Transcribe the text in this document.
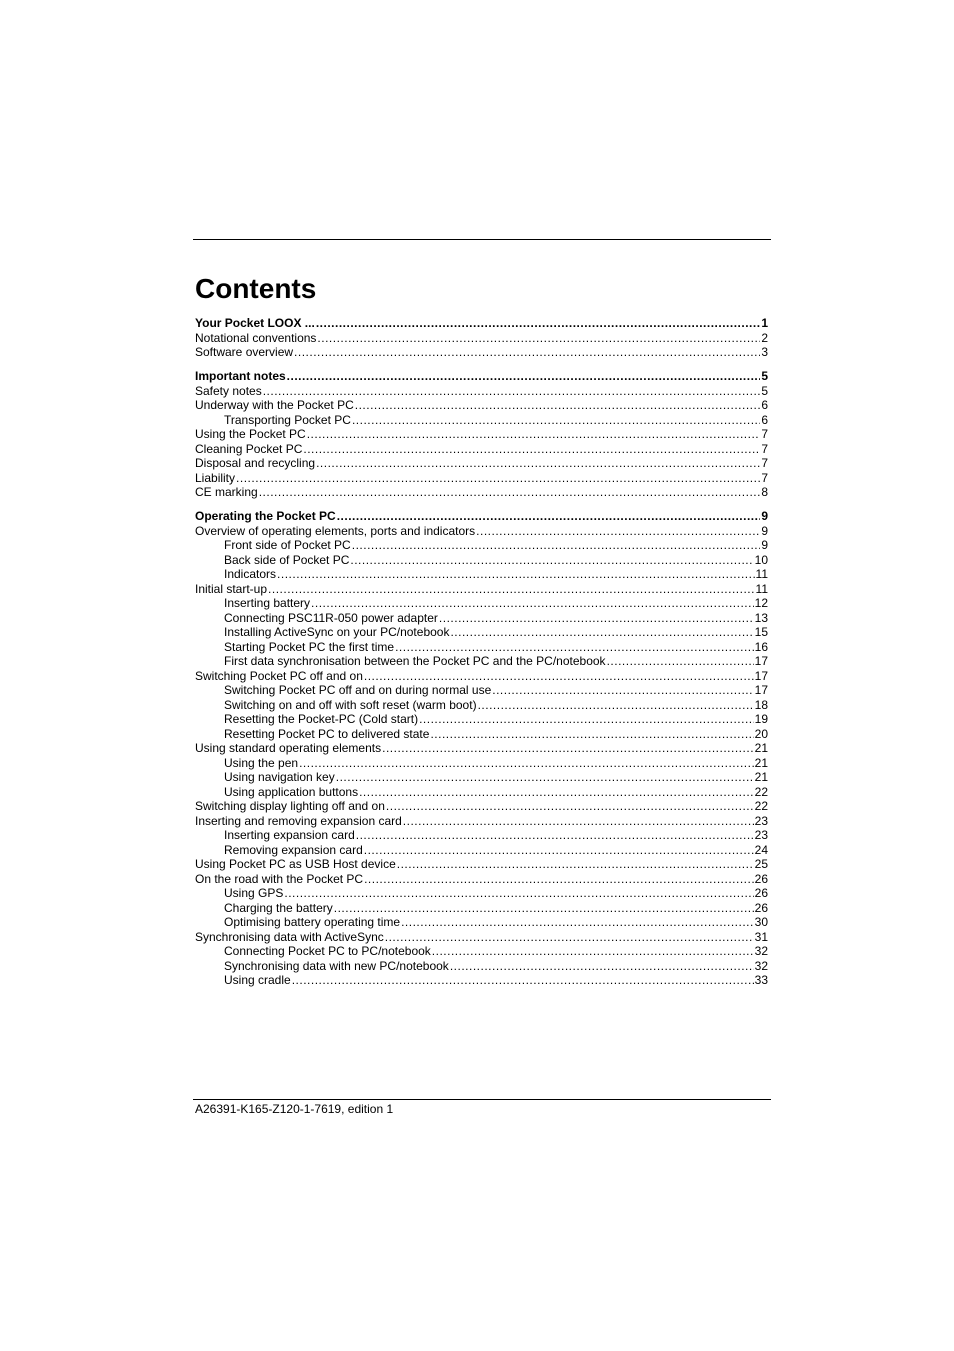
Contents
Your Pocket LOOX ... .....	1
Notational conventions .....	2
Software overview .....	3
Important notes .....	5
Safety notes .....	5
Underway with the Pocket PC .....	6
Transporting Pocket PC .....	6
Using the Pocket PC .....	7
Cleaning Pocket PC .....	7
Disposal and recycling .....	7
Liability .....	7
CE marking .....	8
Operating the Pocket PC .....	9
Overview of operating elements, ports and indicators .....	9
Front side of Pocket PC .....	9
Back side of Pocket PC .....	10
Indicators .....	11
Initial start-up .....	11
Inserting battery .....	12
Connecting PSC11R-050 power adapter .....	13
Installing ActiveSync on your PC/notebook .....	15
Starting Pocket PC the first time .....	16
First data synchronisation between the Pocket PC and the PC/notebook .....	17
Switching Pocket PC off and on .....	17
Switching Pocket PC off and on during normal use .....	17
Switching on and off with soft reset (warm boot) .....	18
Resetting the Pocket-PC (Cold start) .....	19
Resetting Pocket PC to delivered state .....	20
Using standard operating elements .....	21
Using the pen .....	21
Using navigation key .....	21
Using application buttons .....	22
Switching display lighting off and on .....	22
Inserting and removing expansion card .....	23
Inserting expansion card .....	23
Removing expansion card .....	24
Using Pocket PC as USB Host device .....	25
On the road with the Pocket PC .....	26
Using GPS .....	26
Charging the battery .....	26
Optimising battery operating time .....	30
Synchronising data with ActiveSync .....	31
Connecting Pocket PC to PC/notebook .....	32
Synchronising data with new PC/notebook .....	32
Using cradle .....	33
A26391-K165-Z120-1-7619, edition 1
